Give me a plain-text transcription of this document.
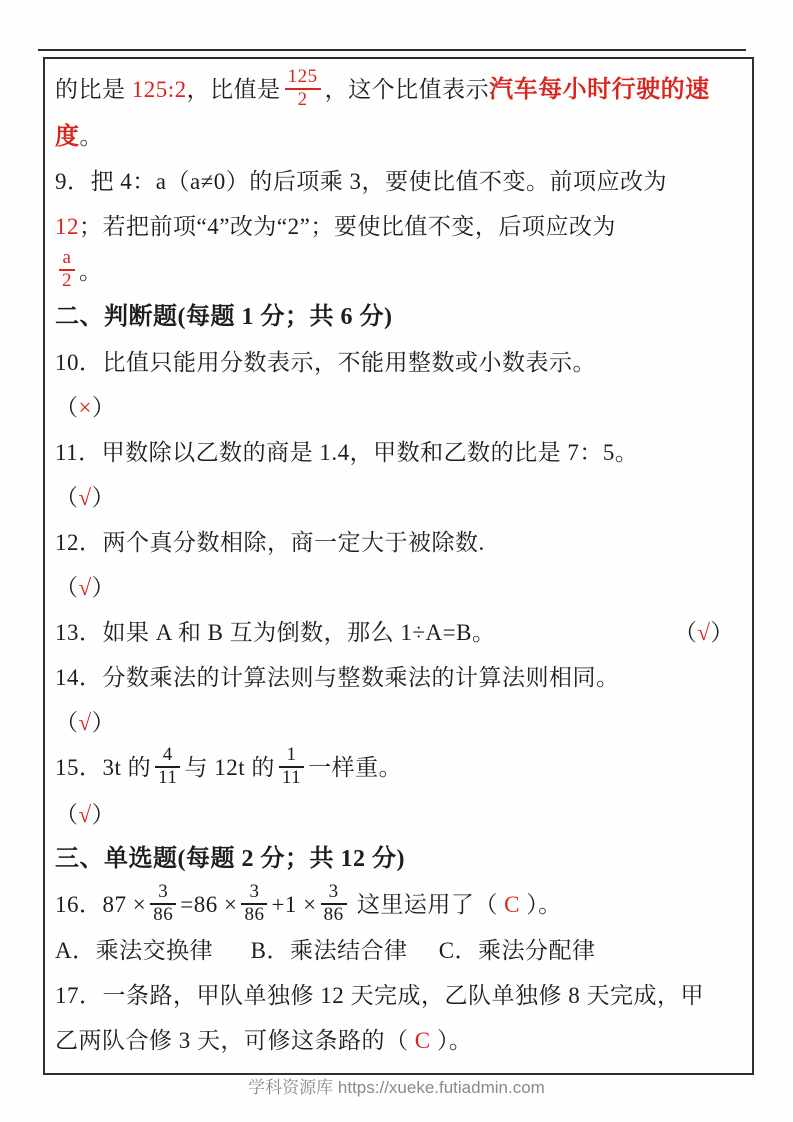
的比是 125:2，比值是 $\frac{125}{2}$ ，这个比值表示汽车每小时行驶的速
度。
9．把 4：a（a≠0）的后项乘 3，要使比值不变。前项应改为
12；若把前项“4”改为“2”；要使比值不变，后项应改为
$\frac{a}{2}$ 。
二、判断题(每题 1 分；共 6 分)
10．比值只能用分数表示，不能用整数或小数表示。
（×）
11．甲数除以乙数的商是 1.4，甲数和乙数的比是 7：5。
（√）
12．两个真分数相除，商一定大于被除数.
（√）
13．如果 A 和 B 互为倒数，那么 1÷A=B。	（√）
14．分数乘法的计算法则与整数乘法的计算法则相同。
（√）
15．3t 的 $\frac{4}{11}$ 与 12t 的 $\frac{1}{11}$ 一样重。
（√）
三、单选题(每题 2 分；共 12 分)
16．$87 \times \frac{3}{86} =86 \times \frac{3}{86} +1 \times \frac{3}{86}$ 这里运用了（ C ）。
A．乘法交换律      B．乘法结合律     C．乘法分配律
17．一条路，甲队单独修 12 天完成，乙队单独修 8 天完成，甲
乙两队合修 3 天，可修这条路的（ C ）。
学科资源库 https://xueke.futiadmin.com
